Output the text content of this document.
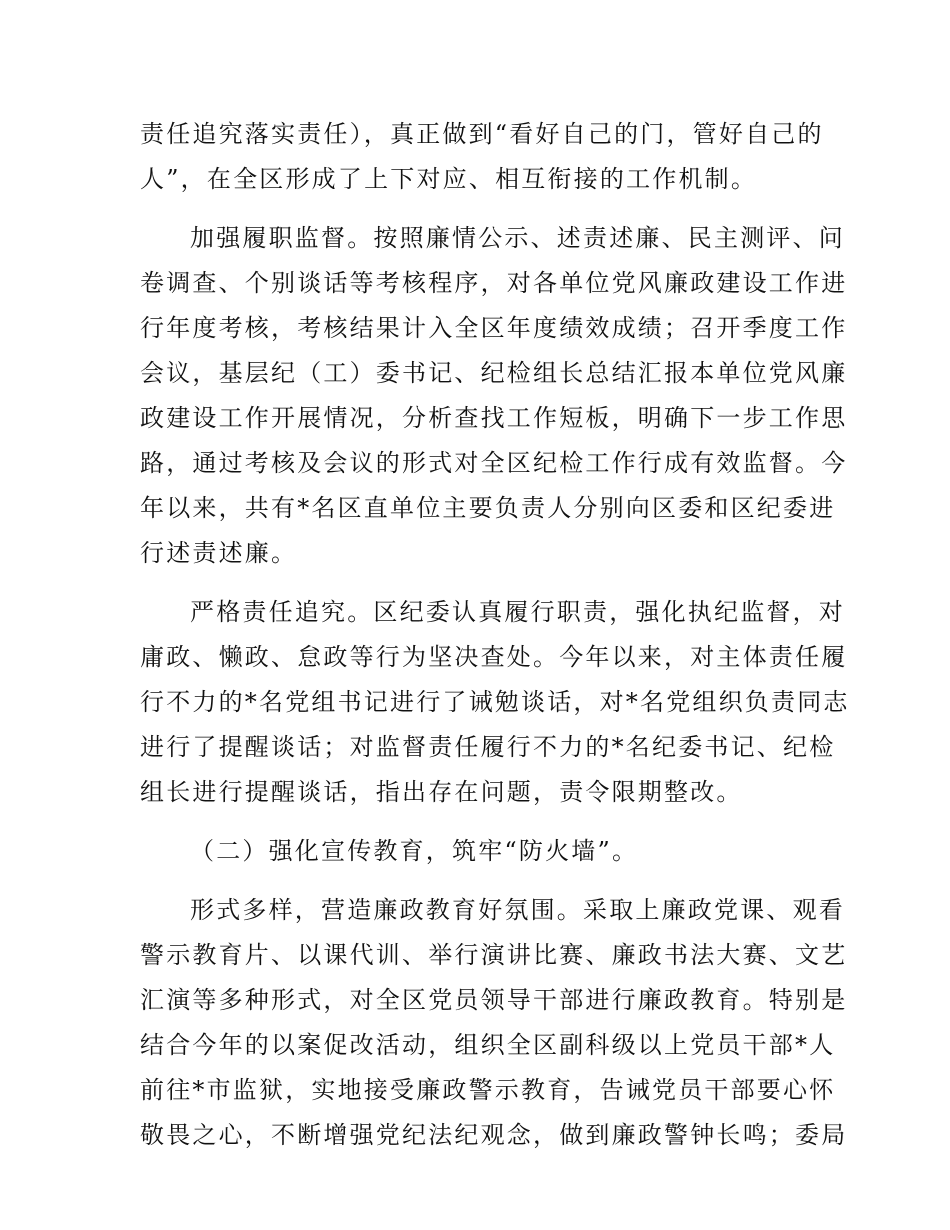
责任追究落实责任），真正做到“看好自己的门，管好自己的
人”，在全区形成了上下对应、相互衔接的工作机制。
加强履职监督。按照廉情公示、述责述廉、民主测评、问
卷调查、个别谈话等考核程序，对各单位党风廉政建设工作进
行年度考核，考核结果计入全区年度绩效成绩；召开季度工作
会议，基层纪（工）委书记、纪检组长总结汇报本单位党风廉
政建设工作开展情况，分析查找工作短板，明确下一步工作思
路，通过考核及会议的形式对全区纪检工作行成有效监督。今
年以来，共有*名区直单位主要负责人分别向区委和区纪委进
行述责述廉。
严格责任追究。区纪委认真履行职责，强化执纪监督，对
庸政、懒政、怠政等行为坚决查处。今年以来，对主体责任履
行不力的*名党组书记进行了诫勉谈话，对*名党组织负责同志
进行了提醒谈话；对监督责任履行不力的*名纪委书记、纪检
组长进行提醒谈话，指出存在问题，责令限期整改。
（二）强化宣传教育，筑牢“防火墙”。
形式多样，营造廉政教育好氛围。采取上廉政党课、观看
警示教育片、以课代训、举行演讲比赛、廉政书法大赛、文艺
汇演等多种形式，对全区党员领导干部进行廉政教育。特别是
结合今年的以案促改活动，组织全区副科级以上党员干部*人
前往*市监狱，实地接受廉政警示教育，告诫党员干部要心怀
敬畏之心，不断增强党纪法纪观念，做到廉政警钟长鸣；委局
